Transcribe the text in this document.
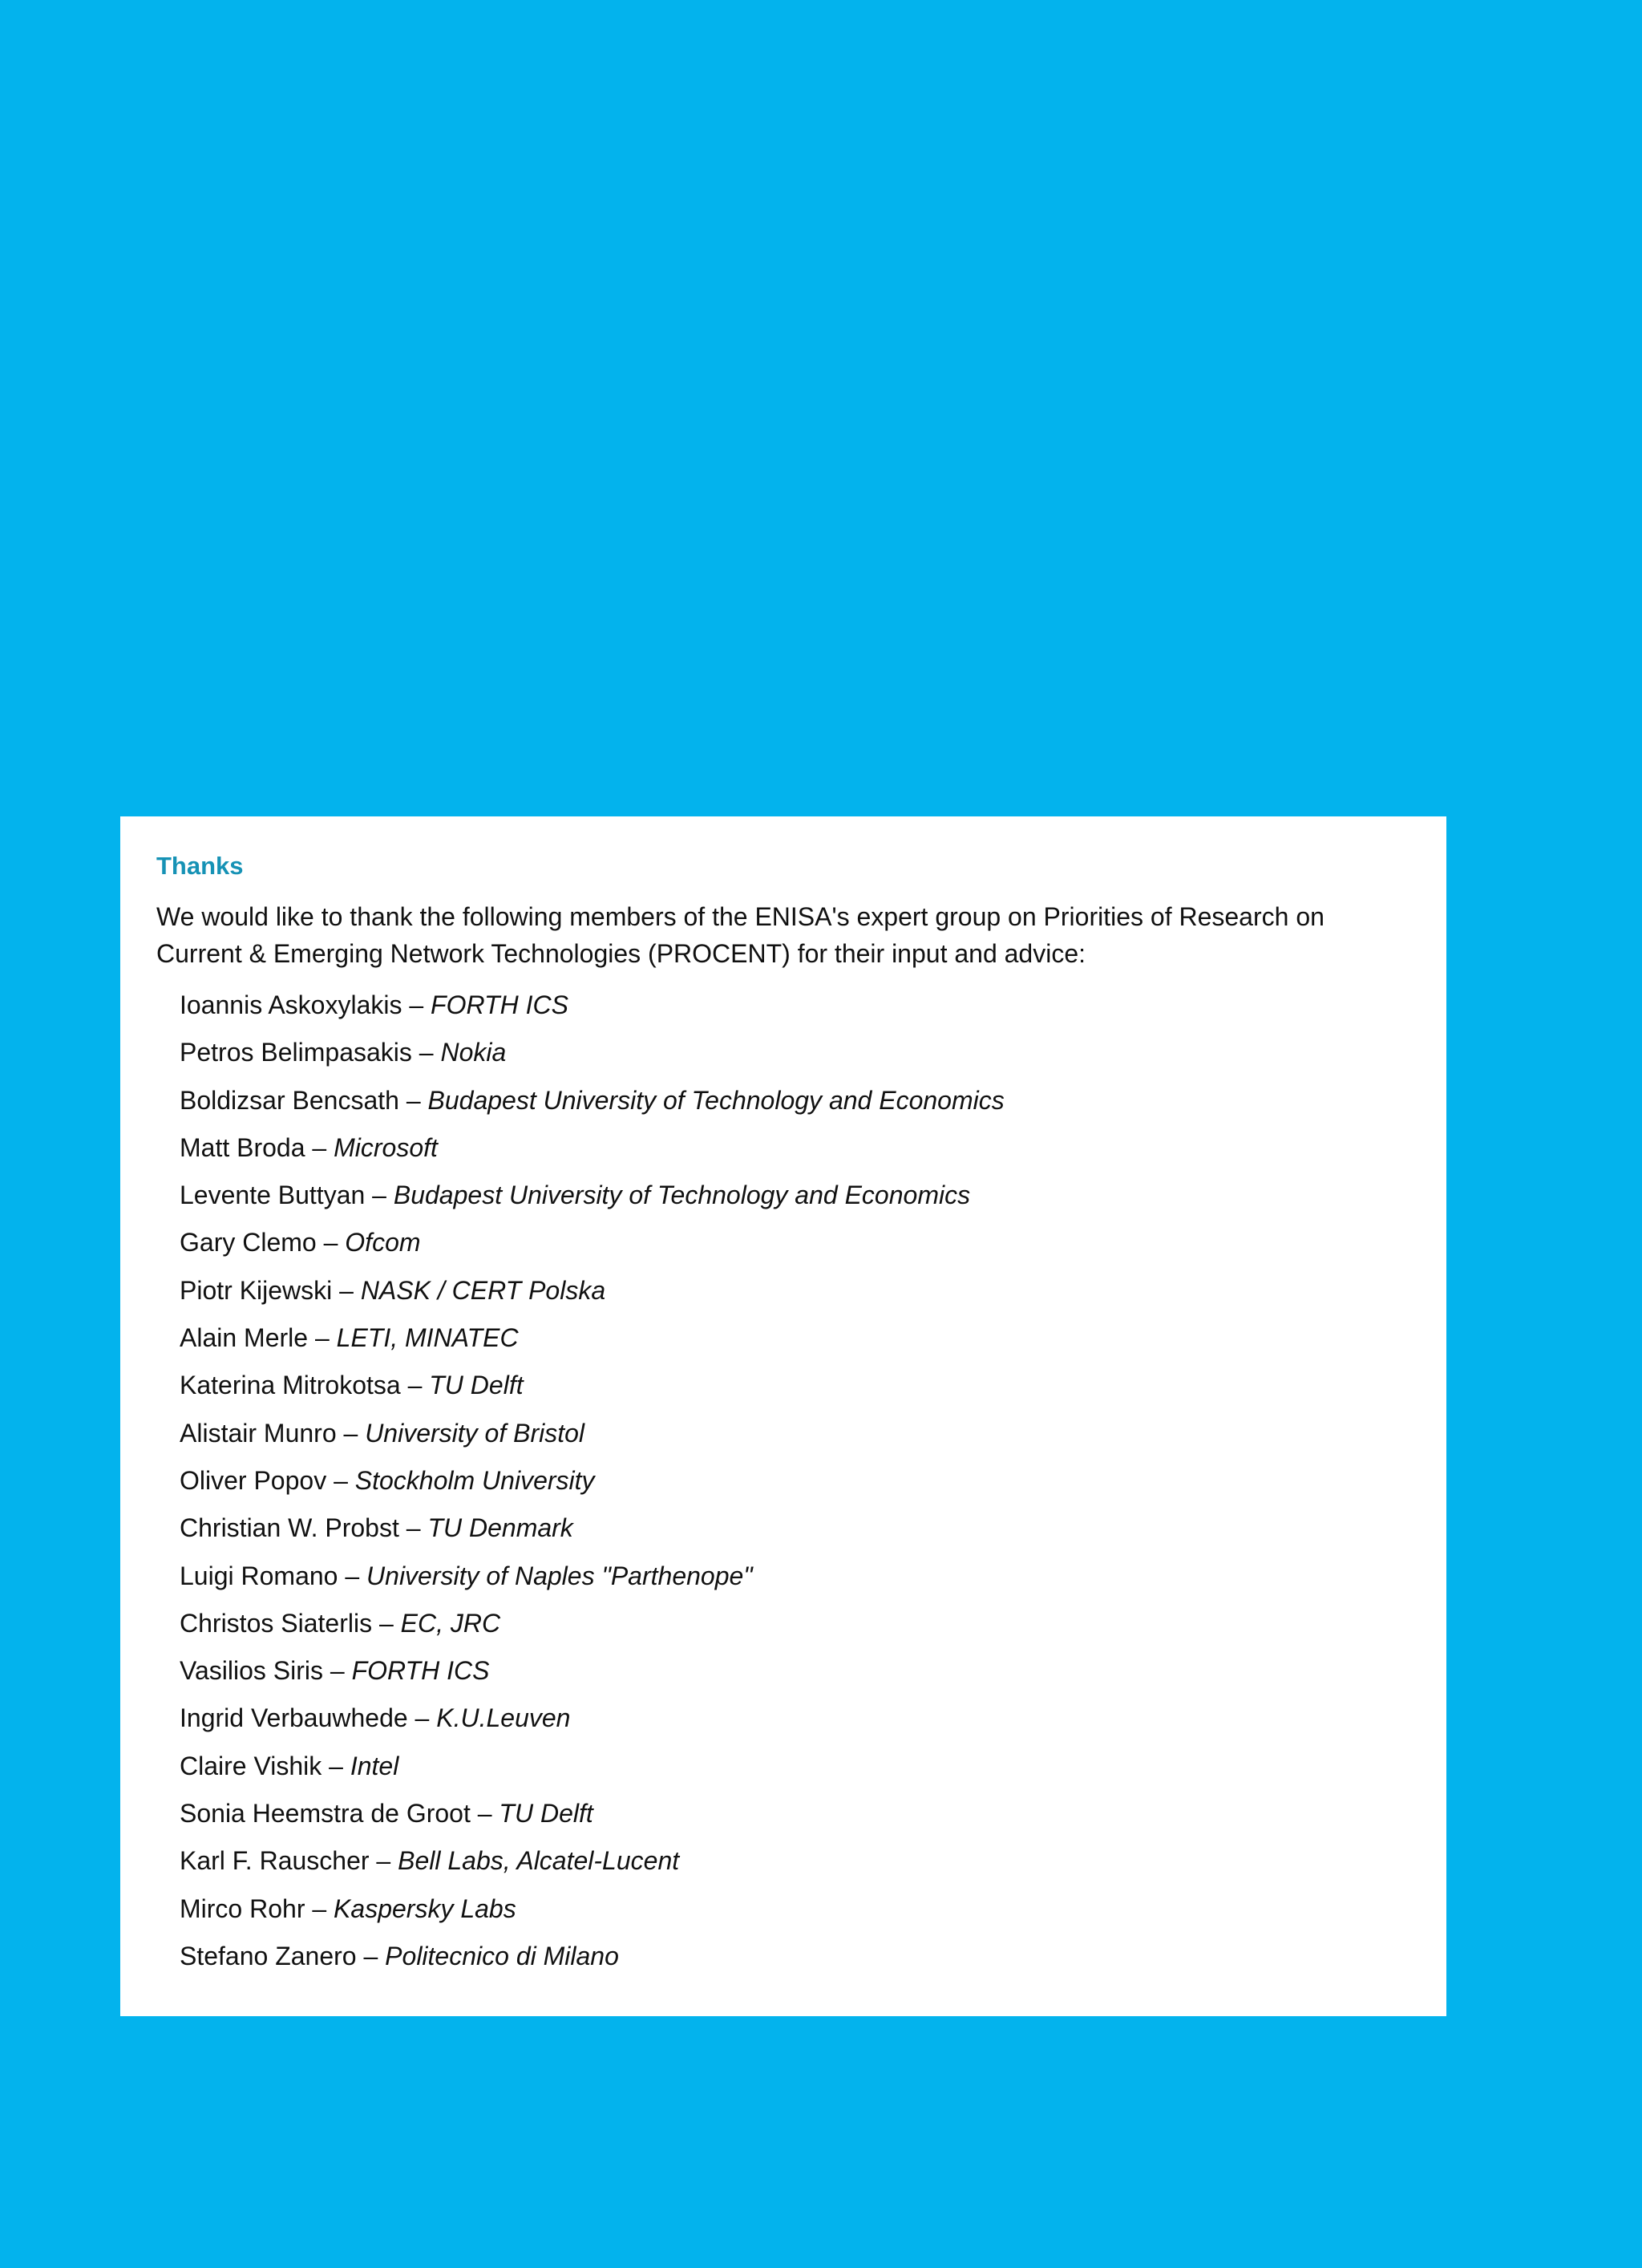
Thanks

We would like to thank the following members of the ENISA's expert group on Priorities of Research on Current & Emerging Network Technologies (PROCENT) for their input and advice:

Ioannis Askoxylakis – FORTH ICS
Petros Belimpasakis – Nokia
Boldizsar Bencsath – Budapest University of Technology and Economics
Matt Broda – Microsoft
Levente Buttyan – Budapest University of Technology and Economics
Gary Clemo – Ofcom
Piotr Kijewski – NASK / CERT Polska
Alain Merle – LETI, MINATEC
Katerina Mitrokotsa – TU Delft
Alistair Munro – University of Bristol
Oliver Popov – Stockholm University
Christian W. Probst – TU Denmark
Luigi Romano – University of Naples "Parthenope"
Christos Siaterlis – EC, JRC
Vasilios Siris – FORTH ICS
Ingrid Verbauwhede – K.U.Leuven
Claire Vishik – Intel
Sonia Heemstra de Groot – TU Delft
Karl F. Rauscher – Bell Labs, Alcatel-Lucent
Mirco Rohr – Kaspersky Labs
Stefano Zanero – Politecnico di Milano
